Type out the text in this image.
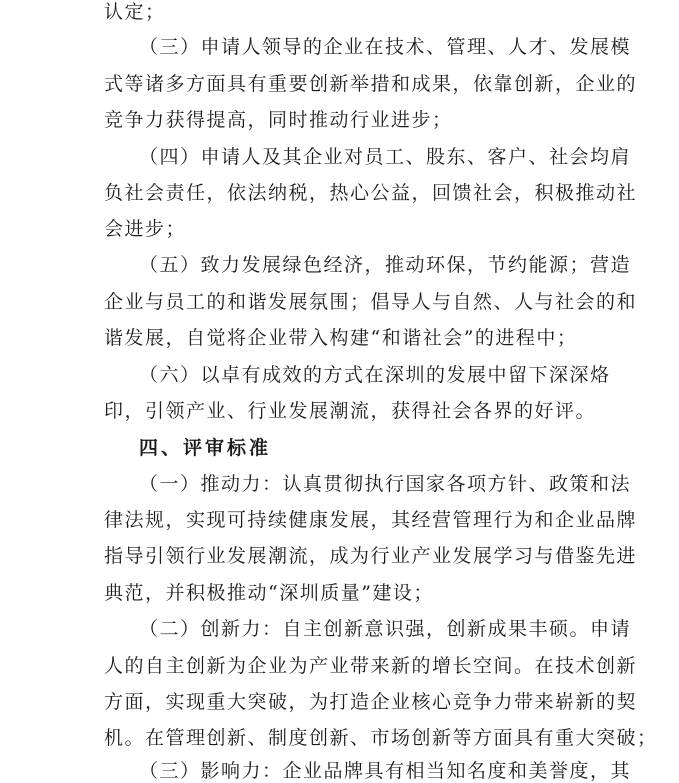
认定；
（三）申请人领导的企业在技术、管理、人才、发展模
式等诸多方面具有重要创新举措和成果，依靠创新，企业的
竞争力获得提高，同时推动行业进步；
（四）申请人及其企业对员工、股东、客户、社会均肩
负社会责任，依法纳税，热心公益，回馈社会，积极推动社
会进步；
（五）致力发展绿色经济，推动环保，节约能源；营造
企业与员工的和谐发展氛围；倡导人与自然、人与社会的和
谐发展，自觉将企业带入构建“和谐社会”的进程中；
（六）以卓有成效的方式在深圳的发展中留下深深烙
印，引领产业、行业发展潮流，获得社会各界的好评。
四、评审标准
（一）推动力：认真贯彻执行国家各项方针、政策和法
律法规，实现可持续健康发展，其经营管理行为和企业品牌
指导引领行业发展潮流，成为行业产业发展学习与借鉴先进
典范，并积极推动“深圳质量”建设；
（二）创新力：自主创新意识强，创新成果丰硕。申请
人的自主创新为企业为产业带来新的增长空间。在技术创新
方面，实现重大突破，为打造企业核心竞争力带来崭新的契
机。在管理创新、制度创新、市场创新等方面具有重大突破；
（三）影响力：企业品牌具有相当知名度和美誉度，其
